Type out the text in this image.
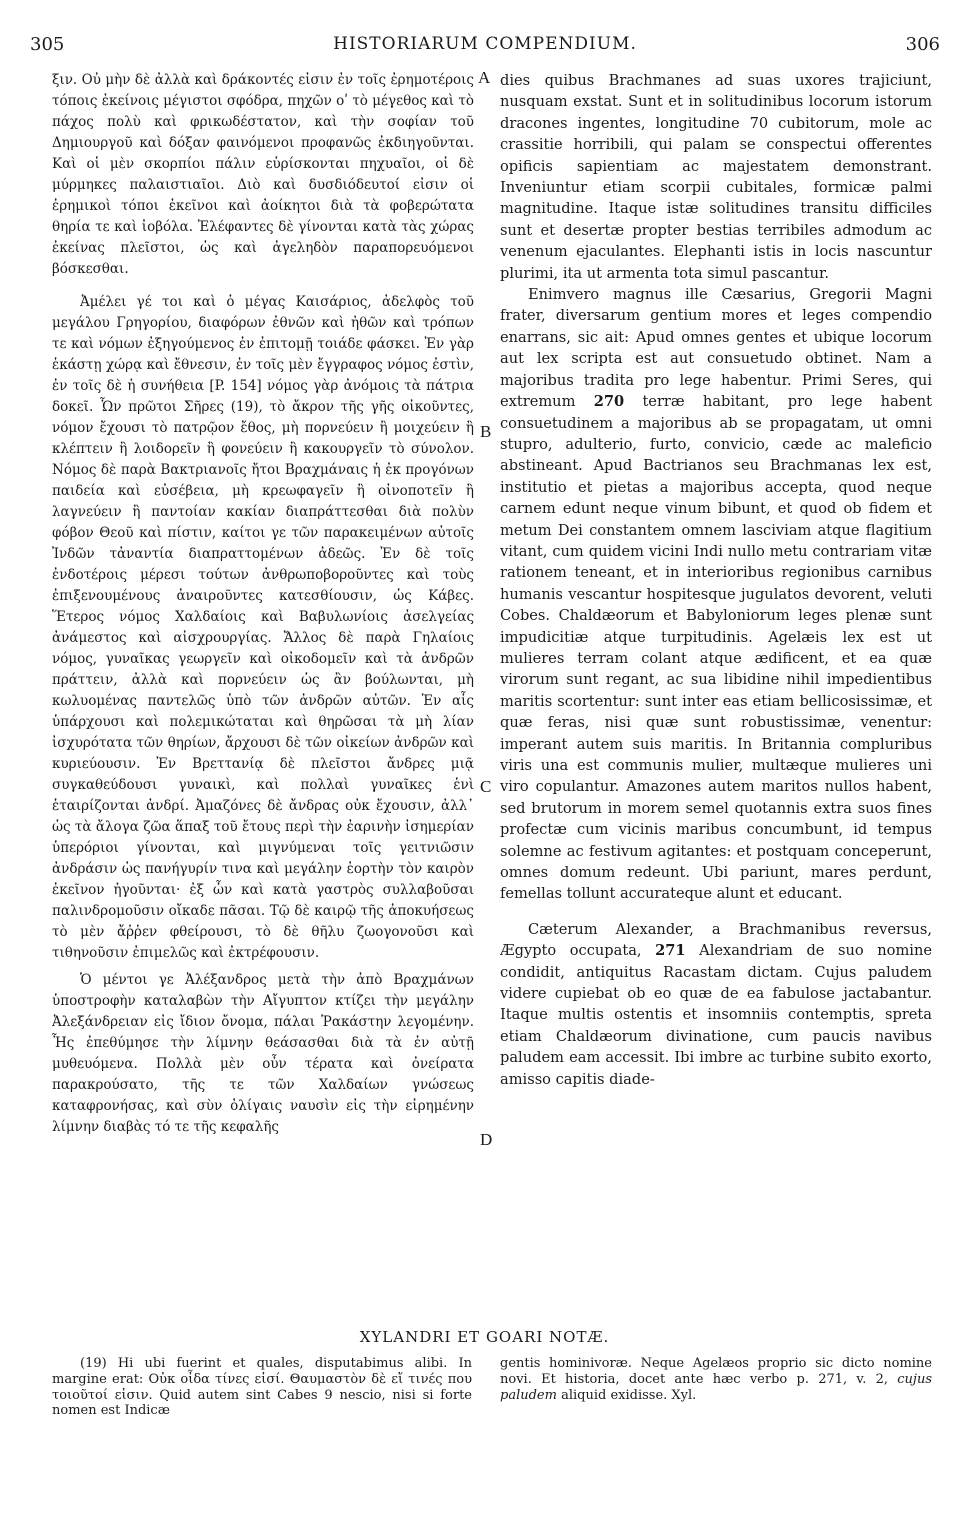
305	HISTORIARUM COMPENDIUM.	306

ξιν. Οὐ μὴν δὲ ἀλλὰ καὶ δράκοντές εἰσιν ἐν τοῖς ἐρημοτέροις τόποις ἐκείνοις μέγιστοι σφόδρα, πηχῶν οʹ τὸ μέγεθος καὶ τὸ πάχος πολὺ καὶ φρικωδέστατον, καὶ τὴν σοφίαν τοῦ Δημιουργοῦ καὶ δόξαν φαινόμενοι προφανῶς ἐκδιηγοῦνται. Καὶ οἱ μὲν σκορπίοι πάλιν εὑρίσκονται πηχυαῖοι, οἱ δὲ μύρμηκες παλαιστιαῖοι. Διὸ καὶ δυσδιόδευτοί εἰσιν οἱ ἐρημικοὶ τόποι ἐκεῖνοι καὶ ἀοίκητοι διὰ τὰ φοβερώτατα θηρία τε καὶ ἰοβόλα. Ἐλέφαντες δὲ γίνονται κατὰ τὰς χώρας ἐκείνας πλεῖστοι, ὡς καὶ ἀγεληδὸν παραπορευόμενοι βόσκεσθαι.

Ἀμέλει γέ τοι καὶ ὁ μέγας Καισάριος, ἀδελφὸς τοῦ μεγάλου Γρηγορίου, διαφόρων ἐθνῶν καὶ ἠθῶν καὶ τρόπων τε καὶ νόμων ἐξηγούμενος ἐν ἐπιτομῇ τοιάδε φάσκει. Ἐν γὰρ ἑκάστῃ χώρᾳ καὶ ἔθνεσιν, ἐν τοῖς μὲν ἔγγραφος νόμος ἐστὶν, ἐν τοῖς δὲ ἡ συνήθεια [P. 154] νόμος γὰρ ἀνόμοις τὰ πάτρια δοκεῖ. Ὧν πρῶτοι Σῆρες (19), τὸ ἄκρον τῆς γῆς οἰκοῦντες, νόμον ἔχουσι τὸ πατρῷον ἔθος, μὴ πορνεύειν ἢ μοιχεύειν ἢ κλέπτειν ἢ λοιδορεῖν ἢ φονεύειν ἢ κακουργεῖν τὸ σύνολον. Νόμος δὲ παρὰ Βακτριανοῖς ἤτοι Βραχμάναις ἡ ἐκ προγόνων παιδεία καὶ εὐσέβεια, μὴ κρεωφαγεῖν ἢ οἰνοποτεῖν ἢ λαγνεύειν ἢ παντοίαν κακίαν διαπράττεσθαι διὰ πολὺν φόβον Θεοῦ καὶ πίστιν, καίτοι γε τῶν παρακειμένων αὐτοῖς Ἰνδῶν τἀναντία διαπραττομένων ἀδεῶς. Ἐν δὲ τοῖς ἐνδοτέροις μέρεσι τούτων ἀνθρωποβοροῦντες καὶ τοὺς ἐπιξενουμένους ἀναιροῦντες κατεσθίουσιν, ὡς Κάβες. Ἕτερος νόμος Χαλδαίοις καὶ Βαβυλωνίοις ἀσελγείας ἀνάμεστος καὶ αἰσχρουργίας. Ἄλλος δὲ παρὰ Γηλαίοις νόμος, γυναῖκας γεωργεῖν καὶ οἰκοδομεῖν καὶ τὰ ἀνδρῶν πράττειν, ἀλλὰ καὶ πορνεύειν ὡς ἂν βούλωνται, μὴ κωλυομένας παντελῶς ὑπὸ τῶν ἀνδρῶν αὐτῶν. Ἐν αἷς ὑπάρχουσι καὶ πολεμικώταται καὶ θηρῶσαι τὰ μὴ λίαν ἰσχυρότατα τῶν θηρίων, ἄρχουσι δὲ τῶν οἰκείων ἀνδρῶν καὶ κυριεύουσιν. Ἐν Βρεττανίᾳ δὲ πλεῖστοι ἄνδρες μιᾷ συγκαθεύδουσι γυναικὶ, καὶ πολλαὶ γυναῖκες ἑνὶ ἑταιρίζονται ἀνδρί. Ἀμαζόνες δὲ ἄνδρας οὐκ ἔχουσιν, ἀλλ᾽ ὡς τὰ ἄλογα ζῶα ἅπαξ τοῦ ἔτους περὶ τὴν ἐαρινὴν ἰσημερίαν ὑπερόριοι γίνονται, καὶ μιγνύμεναι τοῖς γειτνιῶσιν ἀνδράσιν ὡς πανήγυρίν τινα καὶ μεγάλην ἑορτὴν τὸν καιρὸν ἐκεῖνον ἡγοῦνται· ἐξ ὧν καὶ κατὰ γαστρὸς συλλαβοῦσαι παλινδρομοῦσιν οἴκαδε πᾶσαι. Τῷ δὲ καιρῷ τῆς ἀποκυήσεως τὸ μὲν ἄῤῥεν φθείρουσι, τὸ δὲ θῆλυ ζωογονοῦσι καὶ τιθηνοῦσιν ἐπιμελῶς καὶ ἐκτρέφουσιν.

Ὁ μέντοι γε Ἀλέξανδρος μετὰ τὴν ἀπὸ Βραχμάνων ὑποστροφὴν καταλαβὼν τὴν Αἴγυπτον κτίζει τὴν μεγάλην Ἀλεξάνδρειαν εἰς ἴδιον ὄνομα, πάλαι Ῥακάστην λεγομένην. Ἧς ἐπεθύμησε τὴν λίμνην θεάσασθαι διὰ τὰ ἐν αὐτῇ μυθευόμενα. Πολλὰ μὲν οὖν τέρατα καὶ ὀνείρατα παρακρούσατο, τῆς τε τῶν Χαλδαίων γνώσεως καταφρονήσας, καὶ σὺν ὀλίγαις ναυσὶν εἰς τὴν εἰρημένην λίμνην διαβὰς τό τε τῆς κεφαλῆς

A
B
C
D

dies quibus Brachmanes ad suas uxores trajiciunt, nusquam exstat. Sunt et in solitudinibus locorum istorum dracones ingentes, longitudine 70 cubitorum, mole ac crassitie horribili, qui palam se conspectui offerentes opificis sapientiam ac majestatem demonstrant. Inveniuntur etiam scorpii cubitales, formicæ palmi magnitudine. Itaque istæ solitudines transitu difficiles sunt et desertæ propter bestias terribiles admodum ac venenum ejaculantes. Elephanti istis in locis nascuntur plurimi, ita ut armenta tota simul pascantur.

Enimvero magnus ille Cæsarius, Gregorii Magni frater, diversarum gentium mores et leges compendio enarrans, sic ait: Apud omnes gentes et ubique locorum aut lex scripta est aut consuetudo obtinet. Nam a majoribus tradita pro lege habentur. Primi Seres, qui extremum 270 terræ habitant, pro lege habent consuetudinem a majoribus ab se propagatam, ut omni stupro, adulterio, furto, convicio, cæde ac maleficio abstineant. Apud Bactrianos seu Brachmanas lex est, institutio et pietas a majoribus accepta, quod neque carnem edunt neque vinum bibunt, et quod ob fidem et metum Dei constantem omnem lasciviam atque flagitium vitant, cum quidem vicini Indi nullo metu contrariam vitæ rationem teneant, et in interioribus regionibus carnibus humanis vescantur hospitesque jugulatos devorent, veluti Cobes. Chaldæorum et Babyloniorum leges plenæ sunt impudicitiæ atque turpitudinis. Agelæis lex est ut mulieres terram colant atque ædificent, et ea quæ virorum sunt regant, ac sua libidine nihil impedientibus maritis scortentur: sunt inter eas etiam bellicosissimæ, et quæ feras, nisi quæ sunt robustissimæ, venentur: imperant autem suis maritis. In Britannia compluribus viris una est communis mulier, multæque mulieres uni viro copulantur. Amazones autem maritos nullos habent, sed brutorum in morem semel quotannis extra suos fines profectæ cum vicinis maribus concumbunt, id tempus solemne ac festivum agitantes: et postquam conceperunt, omnes domum redeunt. Ubi pariunt, mares perdunt, femellas tollunt accurateque alunt et educant.

Cæterum Alexander, a Brachmanibus reversus, Ægypto occupata, 271 Alexandriam de suo nomine condidit, antiquitus Racastam dictam. Cujus paludem videre cupiebat ob eo quæ de ea fabulose jactabantur. Itaque multis ostentis et insomniis contemptis, spreta etiam Chaldæorum divinatione, cum paucis navibus paludem eam accessit. Ibi imbre ac turbine subito exorto, amisso capitis diade-

XYLANDRI ET GOARI NOTÆ.

(19) Hi ubi fuerint et quales, disputabimus alibi. In margine erat: Οὐκ οἶδα τίνες εἰσί. Θαυμαστὸν δὲ εἴ τινές που τοιοῦτοί εἰσιν. Quid autem sint Cabes 9 nescio, nisi si forte nomen est Indicæ

gentis hominivoræ. Neque Agelæos proprio sic dicto nomine novi. Et historia, docet ante hæc verbo p. 271, v. 2, cujus paludem aliquid exidisse. Xyl.
